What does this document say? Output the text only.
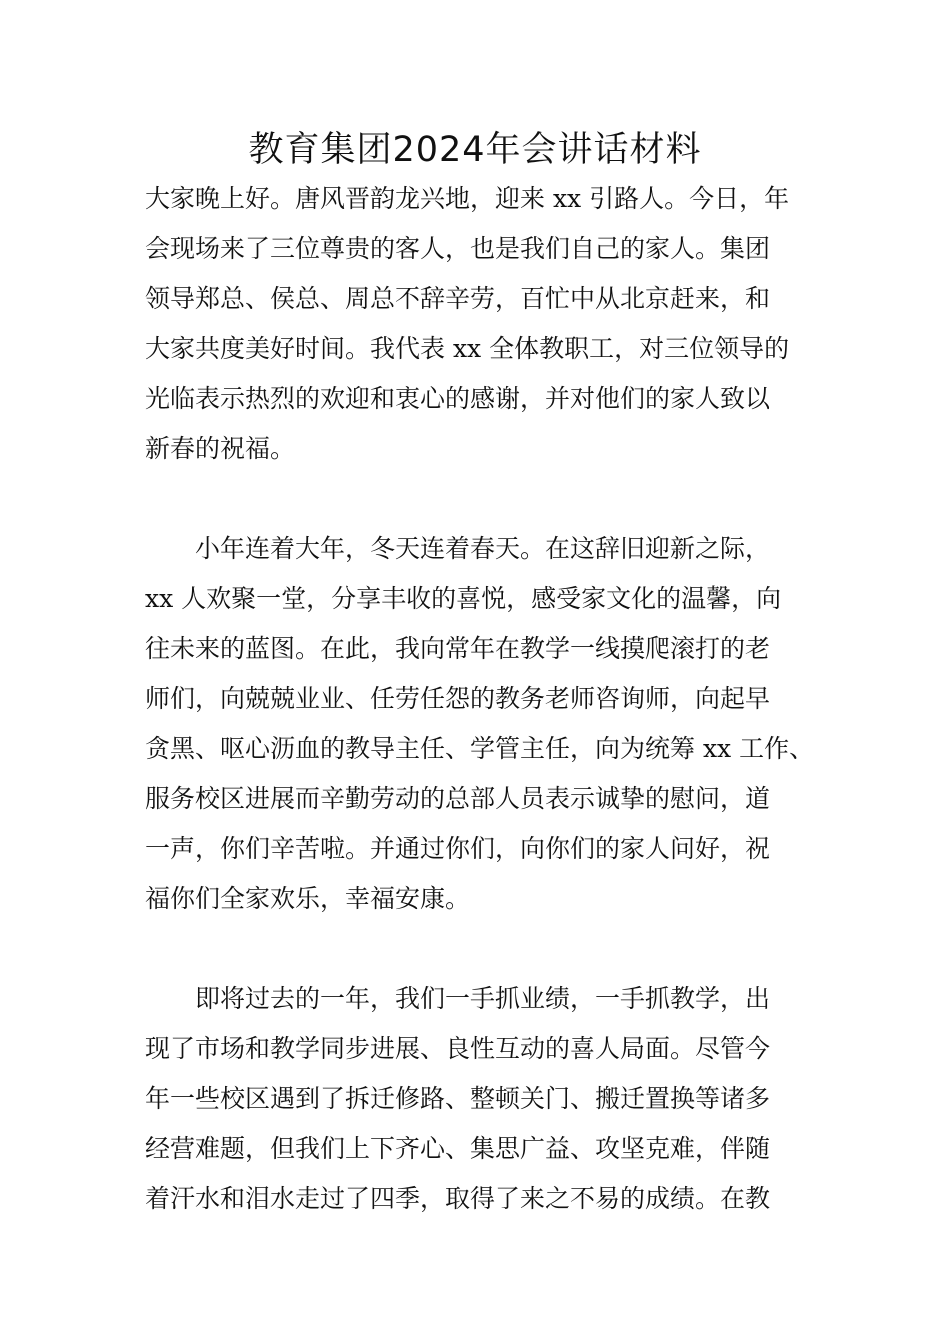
教育集团2024年会讲话材料

大家晚上好。唐风晋韵龙兴地，迎来 xx 引路人。今日，年
会现场来了三位尊贵的客人，也是我们自己的家人。集团
领导郑总、侯总、周总不辞辛劳，百忙中从北京赶来，和
大家共度美好时间。我代表 xx 全体教职工，对三位领导的
光临表示热烈的欢迎和衷心的感谢，并对他们的家人致以
新春的祝福。

小年连着大年，冬天连着春天。在这辞旧迎新之际，
xx 人欢聚一堂，分享丰收的喜悦，感受家文化的温馨，向
往未来的蓝图。在此，我向常年在教学一线摸爬滚打的老
师们，向兢兢业业、任劳任怨的教务老师咨询师，向起早
贪黑、呕心沥血的教导主任、学管主任，向为统筹 xx 工作、
服务校区进展而辛勤劳动的总部人员表示诚挚的慰问，道
一声，你们辛苦啦。并通过你们，向你们的家人问好，祝
福你们全家欢乐，幸福安康。

即将过去的一年，我们一手抓业绩，一手抓教学，出
现了市场和教学同步进展、良性互动的喜人局面。尽管今
年一些校区遇到了拆迁修路、整顿关门、搬迁置换等诸多
经营难题，但我们上下齐心、集思广益、攻坚克难，伴随
着汗水和泪水走过了四季，取得了来之不易的成绩。在教
